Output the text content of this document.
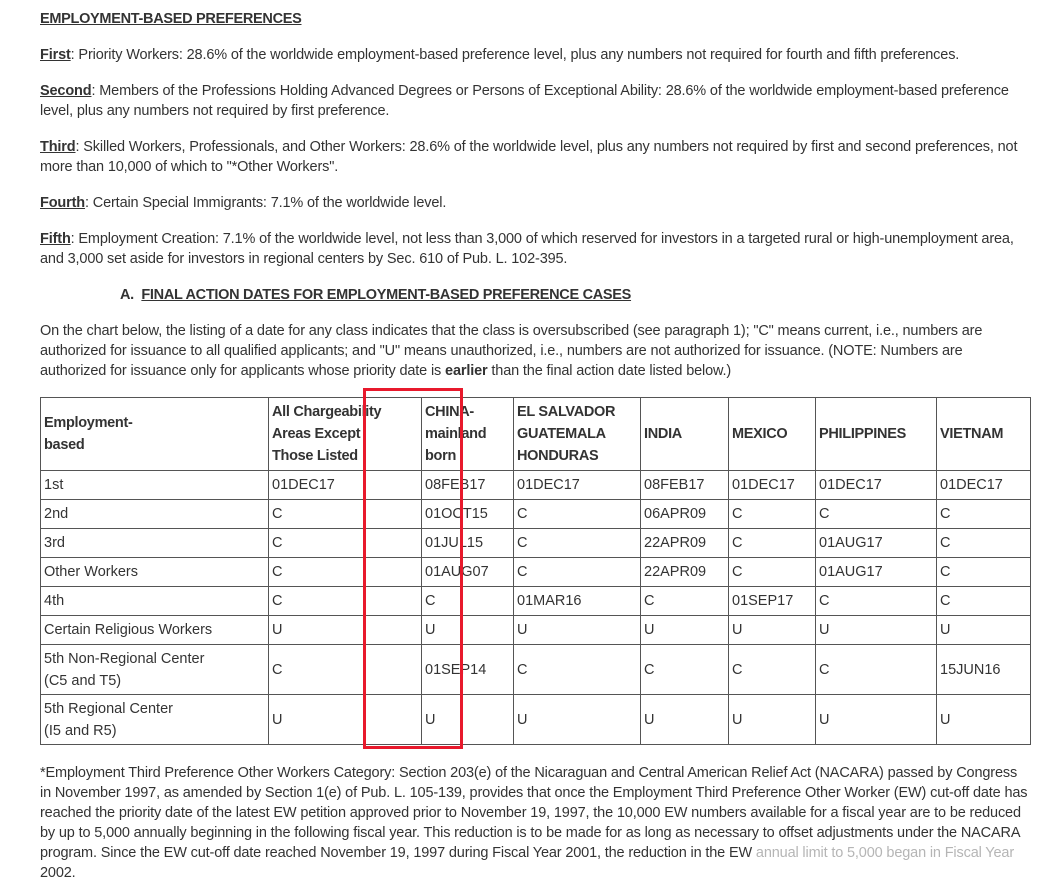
EMPLOYMENT-BASED PREFERENCES
First: Priority Workers: 28.6% of the worldwide employment-based preference level, plus any numbers not required for fourth and fifth preferences.
Second: Members of the Professions Holding Advanced Degrees or Persons of Exceptional Ability: 28.6% of the worldwide employment-based preference level, plus any numbers not required by first preference.
Third: Skilled Workers, Professionals, and Other Workers: 28.6% of the worldwide level, plus any numbers not required by first and second preferences, not more than 10,000 of which to "*Other Workers".
Fourth: Certain Special Immigrants: 7.1% of the worldwide level.
Fifth: Employment Creation: 7.1% of the worldwide level, not less than 3,000 of which reserved for investors in a targeted rural or high-unemployment area, and 3,000 set aside for investors in regional centers by Sec. 610 of Pub. L. 102-395.
A. FINAL ACTION DATES FOR EMPLOYMENT-BASED PREFERENCE CASES
On the chart below, the listing of a date for any class indicates that the class is oversubscribed (see paragraph 1); "C" means current, i.e., numbers are authorized for issuance to all qualified applicants; and "U" means unauthorized, i.e., numbers are not authorized for issuance. (NOTE: Numbers are authorized for issuance only for applicants whose priority date is earlier than the final action date listed below.)
Employment-
based	All Chargeability
Areas Except
Those Listed	CHINA-
mainland
born	EL SALVADOR
GUATEMALA
HONDURAS	INDIA	MEXICO	PHILIPPINES	VIETNAM
1st	01DEC17	08FEB17	01DEC17	08FEB17	01DEC17	01DEC17	01DEC17
2nd	C	01OCT15	C	06APR09	C	C	C
3rd	C	01JUL15	C	22APR09	C	01AUG17	C
Other Workers	C	01AUG07	C	22APR09	C	01AUG17	C
4th	C	C	01MAR16	C	01SEP17	C	C
Certain Religious Workers	U	U	U	U	U	U	U
5th Non-Regional Center
(C5 and T5)	C	01SEP14	C	C	C	C	15JUN16
5th Regional Center
(I5 and R5)	U	U	U	U	U	U	U
*Employment Third Preference Other Workers Category: Section 203(e) of the Nicaraguan and Central American Relief Act (NACARA) passed by Congress in November 1997, as amended by Section 1(e) of Pub. L. 105-139, provides that once the Employment Third Preference Other Worker (EW) cut-off date has reached the priority date of the latest EW petition approved prior to November 19, 1997, the 10,000 EW numbers available for a fiscal year are to be reduced by up to 5,000 annually beginning in the following fiscal year. This reduction is to be made for as long as necessary to offset adjustments under the NACARA program. Since the EW cut-off date reached November 19, 1997 during Fiscal Year 2001, the reduction in the EW annual limit to 5,000 began in Fiscal Year 2002.
